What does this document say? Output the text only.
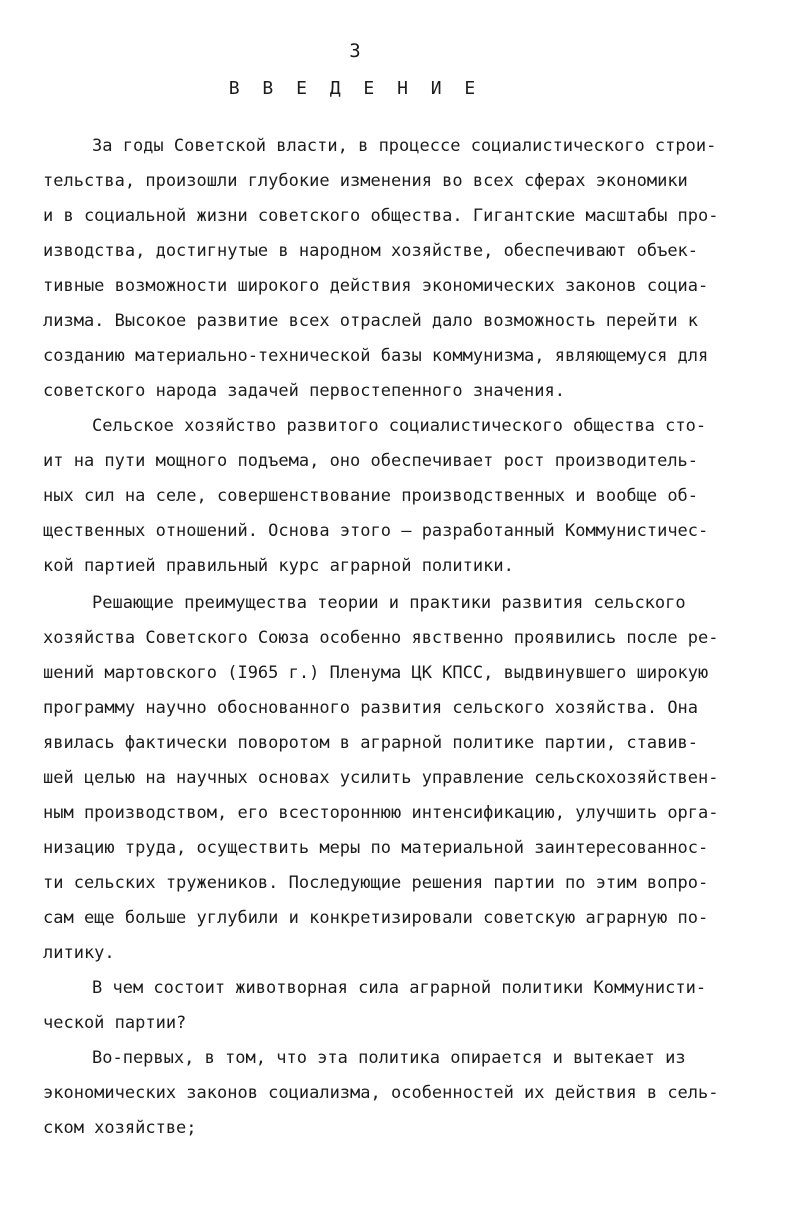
3
В В Е Д Е Н И Е
За годы Советской власти, в процессе социалистического строи-
тельства, произошли глубокие изменения во всех сферах экономики
и в социальной жизни советского общества. Гигантские масштабы про-
изводства, достигнутые в народном хозяйстве, обеспечивают объек-
тивные возможности широкого действия экономических законов социа-
лизма. Высокое развитие всех отраслей дало возможность перейти к
созданию материально-технической базы коммунизма, являющемуся для
советского народа задачей первостепенного значения.
Сельское хозяйство развитого социалистического общества сто-
ит на пути мощного подъема, оно обеспечивает рост производитель-
ных сил на селе, совершенствование производственных и вообще об-
щественных отношений. Основа этого – разработанный Коммунистичес-
кой партией правильный курс аграрной политики.
Решающие преимущества теории и практики развития сельского
хозяйства Советского Союза особенно явственно проявились после ре-
шений мартовского (I965 г.) Пленума ЦК КПСС, выдвинувшего широкую
программу научно обоснованного развития сельского хозяйства. Она
явилась фактически поворотом в аграрной политике партии, ставив-
шей целью на научных основах усилить управление сельскохозяйствен-
ным производством, его всестороннюю интенсификацию, улучшить орга-
низацию труда, осуществить меры по материальной заинтересованнос-
ти сельских тружеников. Последующие решения партии по этим вопро-
сам еще больше углубили и конкретизировали советскую аграрную по-
литику.
В чем состоит животворная сила аграрной политики Коммунисти-
ческой партии?
Во-первых, в том, что эта политика опирается и вытекает из
экономических законов социализма, особенностей их действия в сель-
ском хозяйстве;
